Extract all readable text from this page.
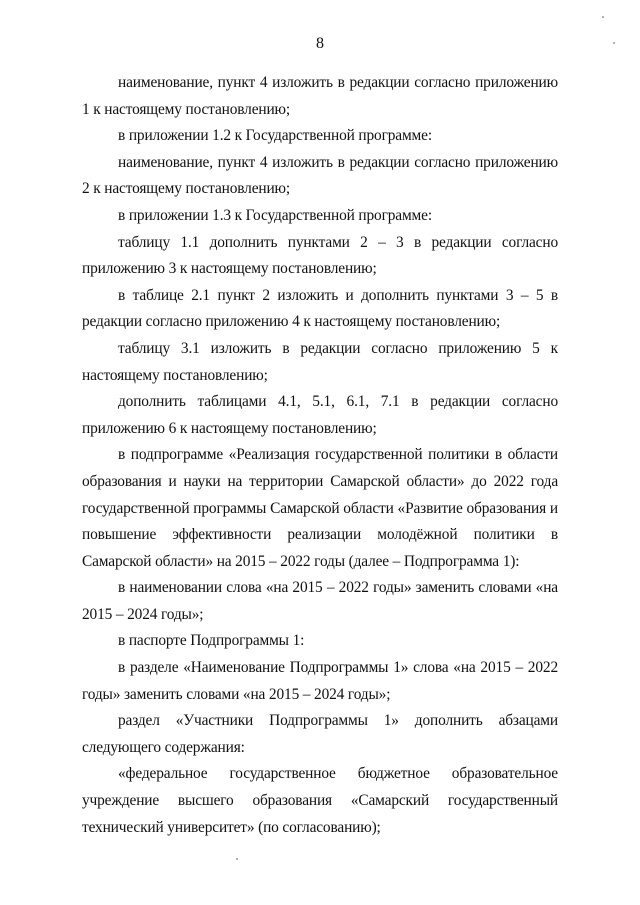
8

наименование, пункт 4 изложить в редакции согласно приложению 1 к настоящему постановлению;

в приложении 1.2 к Государственной программе:

наименование, пункт 4 изложить в редакции согласно приложению 2 к настоящему постановлению;

в приложении 1.3 к Государственной программе:

таблицу 1.1 дополнить пунктами 2 – 3 в редакции согласно приложению 3 к настоящему постановлению;

в таблице 2.1 пункт 2 изложить и дополнить пунктами 3 – 5 в редакции согласно приложению 4 к настоящему постановлению;

таблицу 3.1 изложить в редакции согласно приложению 5 к настоящему постановлению;

дополнить таблицами 4.1, 5.1, 6.1, 7.1 в редакции согласно приложению 6 к настоящему постановлению;

в подпрограмме «Реализация государственной политики в области образования и науки на территории Самарской области» до 2022 года государственной программы Самарской области «Развитие образования и повышение эффективности реализации молодёжной политики в Самарской области» на 2015 – 2022 годы (далее – Подпрограмма 1):

в наименовании слова «на 2015 – 2022 годы» заменить словами «на 2015 – 2024 годы»;

в паспорте Подпрограммы 1:

в разделе «Наименование Подпрограммы 1» слова «на 2015 – 2022 годы» заменить словами «на 2015 – 2024 годы»;

раздел «Участники Подпрограммы 1» дополнить абзацами следующего содержания:

«федеральное государственное бюджетное образовательное учреждение высшего образования «Самарский государственный технический университет» (по согласованию);
